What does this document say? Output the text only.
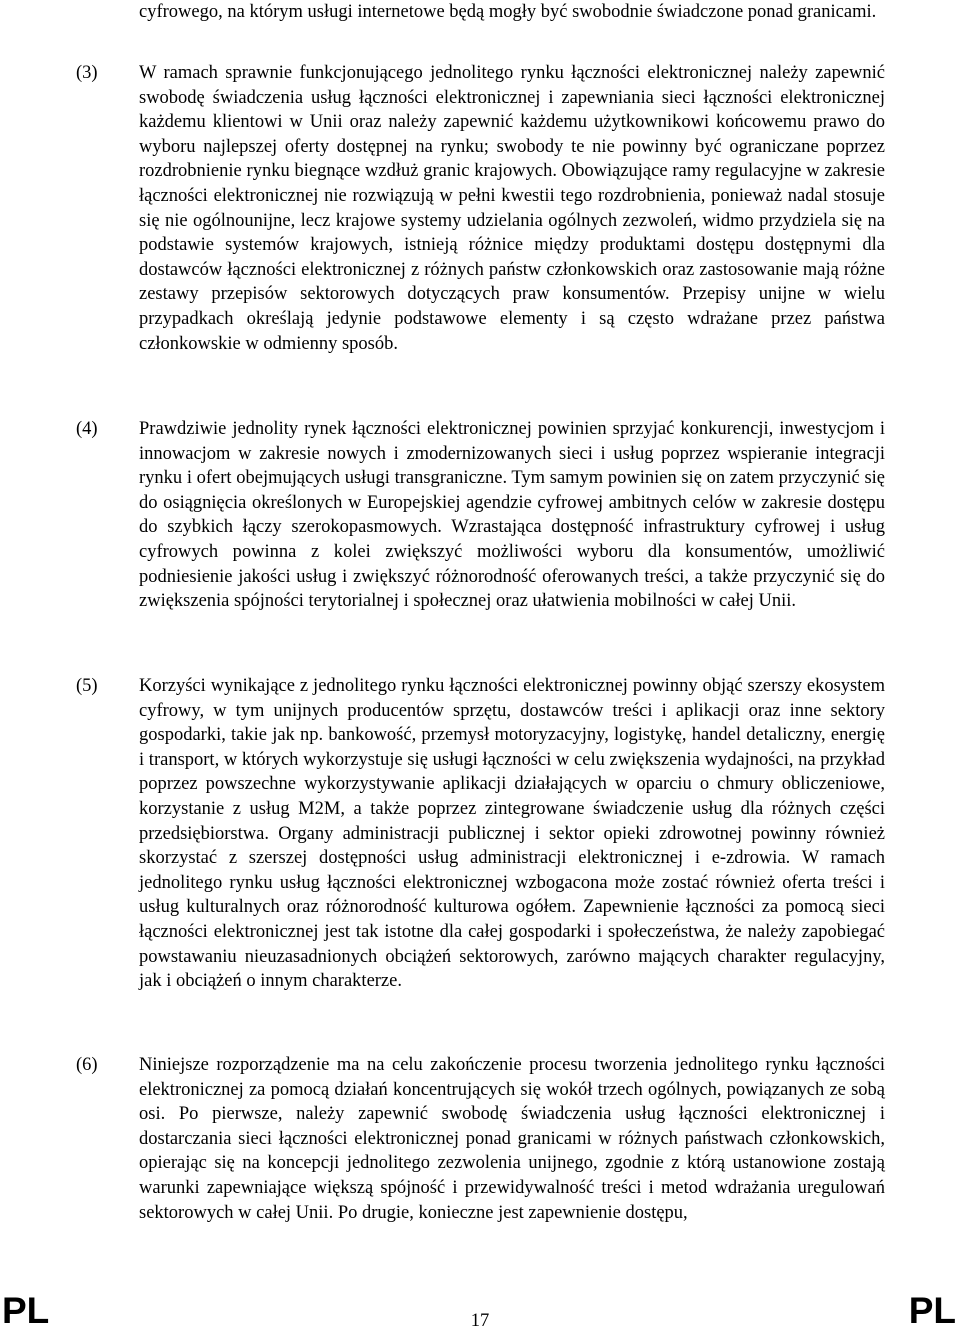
cyfrowego, na którym usługi internetowe będą mogły być swobodnie świadczone ponad granicami.

(3) W ramach sprawnie funkcjonującego jednolitego rynku łączności elektronicznej należy zapewnić swobodę świadczenia usług łączności elektronicznej i zapewniania sieci łączności elektronicznej każdemu klientowi w Unii oraz należy zapewnić każdemu użytkownikowi końcowemu prawo do wyboru najlepszej oferty dostępnej na rynku; swobody te nie powinny być ograniczane poprzez rozdrobnienie rynku biegnące wzdłuż granic krajowych. Obowiązujące ramy regulacyjne w zakresie łączności elektronicznej nie rozwiązują w pełni kwestii tego rozdrobnienia, ponieważ nadal stosuje się nie ogólnounijne, lecz krajowe systemy udzielania ogólnych zezwoleń, widmo przydziela się na podstawie systemów krajowych, istnieją różnice między produktami dostępu dostępnymi dla dostawców łączności elektronicznej z różnych państw członkowskich oraz zastosowanie mają różne zestawy przepisów sektorowych dotyczących praw konsumentów. Przepisy unijne w wielu przypadkach określają jedynie podstawowe elementy i są często wdrażane przez państwa członkowskie w odmienny sposób.

(4) Prawdziwie jednolity rynek łączności elektronicznej powinien sprzyjać konkurencji, inwestycjom i innowacjom w zakresie nowych i zmodernizowanych sieci i usług poprzez wspieranie integracji rynku i ofert obejmujących usługi transgraniczne. Tym samym powinien się on zatem przyczynić się do osiągnięcia określonych w Europejskiej agendzie cyfrowej ambitnych celów w zakresie dostępu do szybkich łączy szerokopasmowych. Wzrastająca dostępność infrastruktury cyfrowej i usług cyfrowych powinna z kolei zwiększyć możliwości wyboru dla konsumentów, umożliwić podniesienie jakości usług i zwiększyć różnorodność oferowanych treści, a także przyczynić się do zwiększenia spójności terytorialnej i społecznej oraz ułatwienia mobilności w całej Unii.

(5) Korzyści wynikające z jednolitego rynku łączności elektronicznej powinny objąć szerszy ekosystem cyfrowy, w tym unijnych producentów sprzętu, dostawców treści i aplikacji oraz inne sektory gospodarki, takie jak np. bankowość, przemysł motoryzacyjny, logistykę, handel detaliczny, energię i transport, w których wykorzystuje się usługi łączności w celu zwiększenia wydajności, na przykład poprzez powszechne wykorzystywanie aplikacji działających w oparciu o chmury obliczeniowe, korzystanie z usług M2M, a także poprzez zintegrowane świadczenie usług dla różnych części przedsiębiorstwa. Organy administracji publicznej i sektor opieki zdrowotnej powinny również skorzystać z szerszej dostępności usług administracji elektronicznej i e-zdrowia. W ramach jednolitego rynku usług łączności elektronicznej wzbogacona może zostać również oferta treści i usług kulturalnych oraz różnorodność kulturowa ogółem. Zapewnienie łączności za pomocą sieci łączności elektronicznej jest tak istotne dla całej gospodarki i społeczeństwa, że należy zapobiegać powstawaniu nieuzasadnionych obciążeń sektorowych, zarówno mających charakter regulacyjny, jak i obciążeń o innym charakterze.

(6) Niniejsze rozporządzenie ma na celu zakończenie procesu tworzenia jednolitego rynku łączności elektronicznej za pomocą działań koncentrujących się wokół trzech ogólnych, powiązanych ze sobą osi. Po pierwsze, należy zapewnić swobodę świadczenia usług łączności elektronicznej i dostarczania sieci łączności elektronicznej ponad granicami w różnych państwach członkowskich, opierając się na koncepcji jednolitego zezwolenia unijnego, zgodnie z którą ustanowione zostają warunki zapewniające większą spójność i przewidywalność treści i metod wdrażania uregulowań sektorowych w całej Unii. Po drugie, konieczne jest zapewnienie dostępu,

PL	17	PL
